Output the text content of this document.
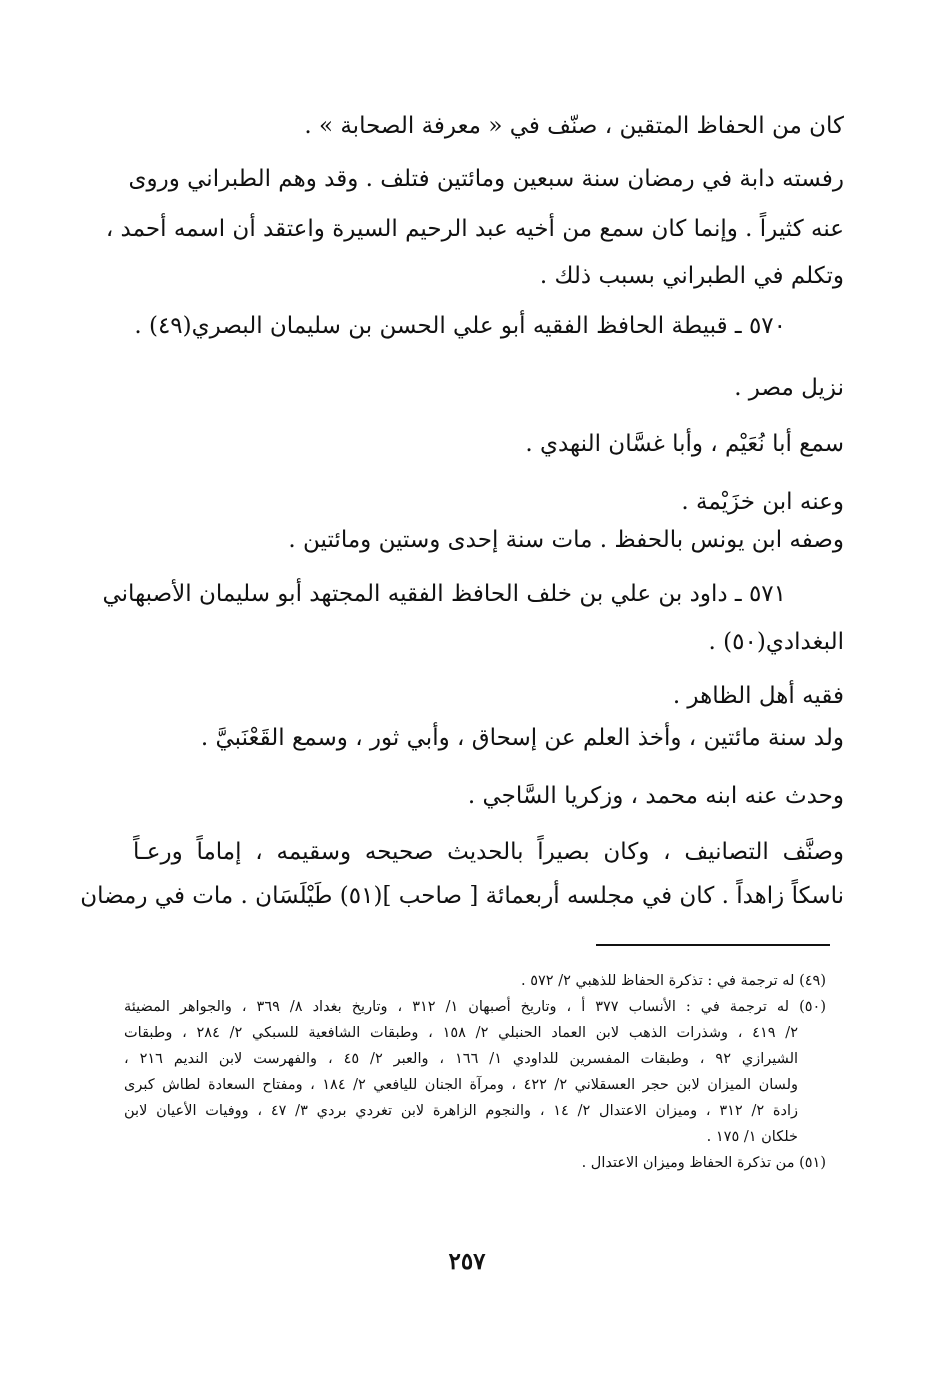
كان من الحفاظ المتقين ، صنّف في « معرفة الصحابة » .
رفسته دابة في رمضان سنة سبعين ومائتين فتلف . وقد وهم الطبراني وروى
عنه كثيراً . وإنما كان سمع من أخيه عبد الرحيم السيرة واعتقد أن اسمه أحمد ،
وتكلم في الطبراني بسبب ذلك .
٥٧٠ ـ قبيطة الحافظ الفقيه أبو علي الحسن بن سليمان البصري(٤٩) .
نزيل مصر .
سمع أبا نُعَيْم ، وأبا غسَّان النهدي .
وعنه ابن خزَيْمة .
وصفه ابن يونس بالحفظ . مات سنة إحدى وستين ومائتين .
٥٧١ ـ داود بن علي بن خلف الحافظ الفقيه المجتهد أبو سليمان الأصبهاني
البغدادي(٥٠) .
فقيه أهل الظاهر .
ولد سنة مائتين ، وأخذ العلم عن إسحاق ، وأبي ثور ، وسمع القَعْنَبيَّ .
وحدث عنه ابنه محمد ، وزكريا السَّاجي .
وصنَّف التصانيف ، وكان بصيراً بالحديث صحيحه وسقيمه ، إماماً ورعـاً
ناسكاً زاهداً . كان في مجلسه أربعمائة [ صاحب ](٥١) طَيْلَسَان . مات في رمضان
(٤٩) له ترجمة في : تذكرة الحفاظ للذهبي ٢/ ٥٧٢ .
(٥٠) له ترجمة في : الأنساب ٣٧٧ أ ، وتاريخ أصبهان ١/ ٣١٢ ، وتاريخ بغداد ٨/ ٣٦٩ ، والجواهر المضيئة
٢/ ٤١٩ ، وشذرات الذهب لابن العماد الحنبلي ٢/ ١٥٨ ، وطبقات الشافعية للسبكي ٢/ ٢٨٤ ، وطبقات
الشيرازي ٩٢ ، وطبقات المفسرين للداودي ١/ ١٦٦ ، والعبر ٢/ ٤٥ ، والفهرست لابن النديم ٢١٦ ،
ولسان الميزان لابن حجر العسقلاني ٢/ ٤٢٢ ، ومرآة الجنان لليافعي ٢/ ١٨٤ ، ومفتاح السعادة لطاش كبرى
زادة ٢/ ٣١٢ ، وميزان الاعتدال ٢/ ١٤ ، والنجوم الزاهرة لابن تغردي بردي ٣/ ٤٧ ، ووفيات الأعيان لابن
خلكان ١/ ١٧٥ .
(٥١) من تذكرة الحفاظ وميزان الاعتدال .
٢٥٧
